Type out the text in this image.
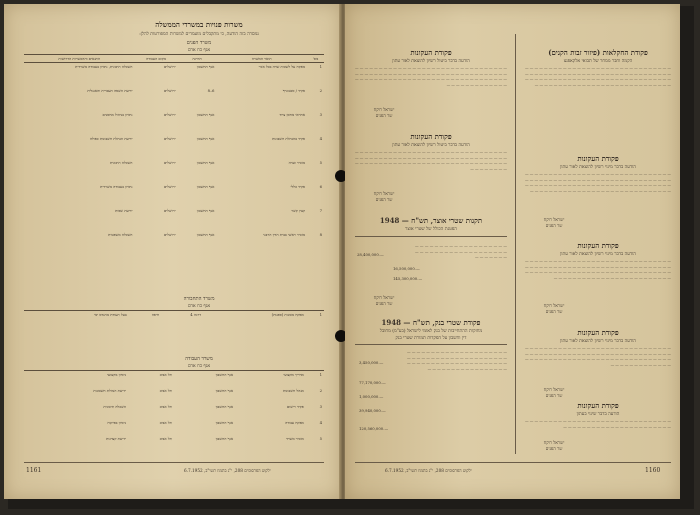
משרות פנויות במשרדי הממשלה
נמסרה בזה הודעה, כי מתקבלים מועמדים למשרות המפורטות להלן:
משרד הפנים
אגף כח אדם
מס'	תואר המשרה	הדרגה	מקום העבודה	התנאים וההכשרות הדרושות
1	מפקח על לשכות שדה בכל אזור	אגף החשבון	ירושלים	השכלה תיכונית, ניסיון בעבודה משרדית
2	פקיד / סטנוגרף	6–8	ירושלים	ידיעת השפה העברית והאנגלית
3	אחראי מחסן ציוד	אגף החשבון	ירושלים	ניסיון בניהול מחסנים
4	פקיד בהנהלת חשבונות	אגף החשבון	ירושלים	ידיעת הנהלת חשבונות כפולה
5	מזכיר ועדה	אגף החשבון	ירושלים	השכלה תיכונית
6	פקיד כללי	אגף החשבון	ירושלים	ניסיון בעבודה משרדית
7	קצין קשר	אגף החשבון	ירושלים	ידיעת שפות
8	מזכיר ראשי בבית הדין הרבני	אגף החשבון	ירושלים	השכלה משפטית
משרד התחבורה
אגף כח אדם
1	מפקח מכונות (ספנות)	דרגה 4	חיפה	בעל תעודת מהנדס ימי
משרד העבודה
אגף כח אדם
1	מדריך מקצועי	אגף החשבון	תל אביב	ניסיון מקצועי
2	מנהל חשבונות	אגף החשבון	תל אביב	ידיעת הנהלת חשבונות
3	פקיד רישום	אגף החשבון	תל אביב	השכלה תיכונית
4	מפקח עבודה	אגף החשבון	תל אביב	ניסיון בפיקוח
5	מזכיר משרד	אגף החשבון	תל אביב	ידיעת קצרנות
1161	ילקוט הפרסומים 208, י"ג בתמוז תשי"ב, 6.7.1952
פקודת החקלאות (פיזור זבות הקנים)
הקמה וחבר ממחר של תבואי אלקאפנצ
— — — — — — — — — — — — — — — — — — — — — — — — — — — — — — — — — — — — — — — — — — — — — — — — — — — — — — — — — — — — — — — — — — — — — — — — — — — — — — — — — — — — — — — — — — — — — — — — — — — — — — — — — — — — — — — — — — — — — — — — — —
פקודת העקונות
הודעה בדבר מינוי רשיון להוצאת לאור עתון
— — — — — — — — — — — — — — — — — — — — — — — — — — — — — — — — — — — — — — — — — — — — — — — — — — — — — — — — — — — — — — — — — — — — — — — — — — — — — — — — — — — — — — — — — — — — — — — — — — — — — — — — — — — — — — — — — — — — — — — — — — —
ישראל רוקח
שר הפנים
פקודת העקונות
הודעה בדבר מינוי רשיון להוצאת לאור עתון
— — — — — — — — — — — — — — — — — — — — — — — — — — — — — — — — — — — — — — — — — — — — — — — — — — — — — — — — — — — — — — — — — — — — — — — — — — — — — — — — — — — — — — — — — — — — — — — — — — — — — — — — — — — — — — — — — — — — — —
ישראל רוקח
שר הפנים
פקודת העקונות
הודעה בדבר מינוי רשיון להוצאת לאור עתון
— — — — — — — — — — — — — — — — — — — — — — — — — — — — — — — — — — — — — — — — — — — — — — — — — — — — — — — — — — — — — — — — — — — — — — — — — — — — — — — — — — — — — — — — — — — — — — — — — — — — — — — — — —
ישראל רוקח
שר הפנים
פקודת העקונות
הודעה בדבר שינוי בעתון
— — — — — — — — — — — — — — — — — — — — — — — — — — — — — — — — — — — — — — — — — — — — — — — — — — — — — —
ישראל רוקח
שר הפנים
פקודת העקונות
הודעה בדבר ביטול רשיון להוצאת לאור עתון
— — — — — — — — — — — — — — — — — — — — — — — — — — — — — — — — — — — — — — — — — — — — — — — — — — — — — — — — — — — — — — — — — — — — — — — — — — — — — — — — — — — — — — — — — — — — — — — — — — — — — — — — — — — — —
ישראל רוקח
שר הפנים
פקודת העקונות
הודעה בדבר ביטול רשיון להוצאת לאור עתון
— — — — — — — — — — — — — — — — — — — — — — — — — — — — — — — — — — — — — — — — — — — — — — — — — — — — — — — — — — — — — — — — — — — — — — — — — — — — — — — — — — — — — — — — — — — — — — — — — — — — — — — —
ישראל רוקח
שר הפנים
תקנות שטרי אוצר, תש"ח — 1948
הפטנת הכולל של שטרי אוצר
28,400,000.—
16,500,000.—
145,300,000.—
— — — — — — — — — — — — — — — — — — — — — — — — — — — — — — — — — — — — — — — — — — — — —
ישראל רוקח
שר הפנים
פקודת שטרי בנק, תש"ח — 1948
מחזקות ההתחייבות של בנק לאומי לישראל (בע"מ) מחובל
דין וחשבון על הפקדות תמורת שטרי בנק
3,450,000.—
77,170,000.—
1,000,000.—
39,940,000.—
120,560,000.—
— — — — — — — — — — — — — — — — — — — — — — — — — — — — — — — — — — — — — — — — — — — — — — — — — — — — — — — — — — — — — — — — — — — — — — — — — — — — — — — —
1160
ילקוט הפרסומים 208, י"ג בתמוז תשי"ב, 6.7.1952
